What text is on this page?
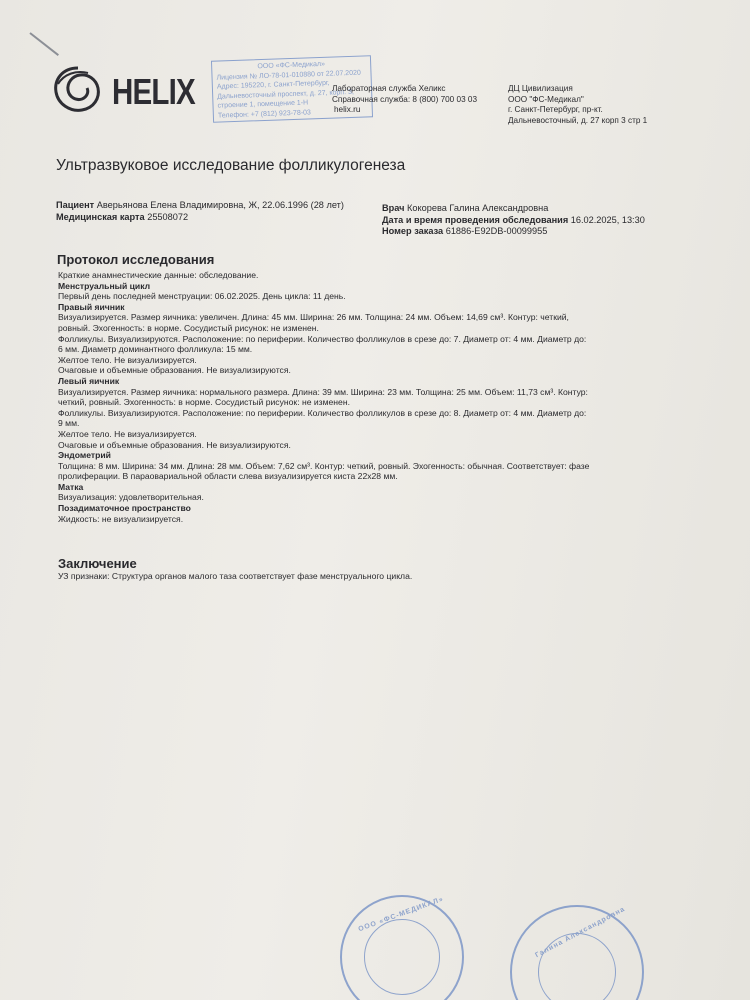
HELIX
ООО «ФС-Медикал»
Лицензия № ЛО-78-01-010880 от 22.07.2020
Адрес: 195220, г. Санкт-Петербург,
Дальневосточный проспект, д. 27, корп. 3,
строение 1, помещение 1-Н
Телефон: +7 (812) 923-78-03
Лабораторная служба Хеликс
Справочная служба: 8 (800) 700 03 03
helix.ru
ДЦ Цивилизация
ООО "ФС-Медикал"
г. Санкт-Петербург, пр-кт.
Дальневосточный, д. 27 корп 3 стр 1
Ультразвуковое исследование фолликулогенеза
Пациент Аверьянова Елена Владимировна, Ж, 22.06.1996 (28 лет)
Медицинская карта 25508072
Врач Кокорева Галина Александровна
Дата и время проведения обследования 16.02.2025, 13:30
Номер заказа 61886-E92DB-00099955
Протокол исследования
Краткие анамнестические данные: обследование.
Менструальный цикл
Первый день последней менструации: 06.02.2025. День цикла: 11 день.
Правый яичник
Визуализируется. Размер яичника: увеличен. Длина: 45 мм. Ширина: 26 мм. Толщина: 24 мм. Объем: 14,69 см³. Контур: четкий,
ровный. Эхогенность: в норме. Сосудистый рисунок: не изменен.
Фолликулы. Визуализируются. Расположение: по периферии. Количество фолликулов в срезе до: 7. Диаметр от: 4 мм. Диаметр до:
6 мм. Диаметр доминантного фолликула: 15 мм.
Желтое тело. Не визуализируется.
Очаговые и объемные образования. Не визуализируются.
Левый яичник
Визуализируется. Размер яичника: нормального размера. Длина: 39 мм. Ширина: 23 мм. Толщина: 25 мм. Объем: 11,73 см³. Контур:
четкий, ровный. Эхогенность: в норме. Сосудистый рисунок: не изменен.
Фолликулы. Визуализируются. Расположение: по периферии. Количество фолликулов в срезе до: 8. Диаметр от: 4 мм. Диаметр до:
9 мм.
Желтое тело. Не визуализируется.
Очаговые и объемные образования. Не визуализируются.
Эндометрий
Толщина: 8 мм. Ширина: 34 мм. Длина: 28 мм. Объем: 7,62 см³. Контур: четкий, ровный. Эхогенность: обычная. Соответствует: фазе
пролиферации. В параовариальной области слева визуализируется киста 22х28 мм.
Матка
Визуализация: удовлетворительная.
Позадиматочное пространство
Жидкость: не визуализируется.
Заключение
УЗ признаки: Структура органов малого таза соответствует фазе менструального цикла.
ООО «ФС-МЕДИКАЛ»	Галина Александровна
